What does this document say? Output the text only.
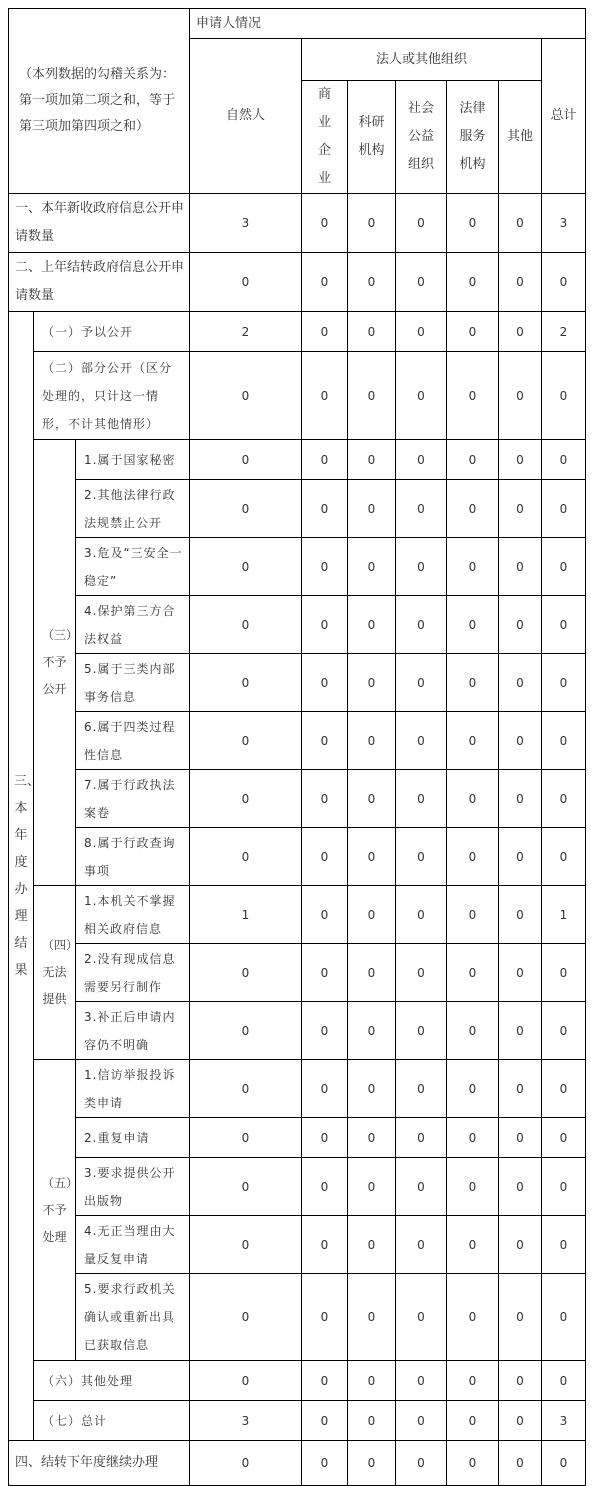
（本列数据的勾稽关系为：第一项加第二项之和，等于第三项加第四项之和）			申请人情况						
			自然人	法人或其他组织					总计
				商业企业	科研机构	社会公益组织	法律服务机构	其他	
一、本年新收政府信息公开申请数量			3	0	0	0	0	0	3
二、上年结转政府信息公开申请数量			0	0	0	0	0	0	0
三、本年度办理结果	（一）予以公开		2	0	0	0	0	0	2
	（二）部分公开（区分处理的，只计这一情形，不计其他情形）		0	0	0	0	0	0	0
	（三）不予公开	1.属于国家秘密	0	0	0	0	0	0	0
		2.其他法律行政法规禁止公开	0	0	0	0	0	0	0
		3.危及“三安全一稳定”	0	0	0	0	0	0	0
		4.保护第三方合法权益	0	0	0	0	0	0	0
		5.属于三类内部事务信息	0	0	0	0	0	0	0
		6.属于四类过程性信息	0	0	0	0	0	0	0
		7.属于行政执法案卷	0	0	0	0	0	0	0
		8.属于行政查询事项	0	0	0	0	0	0	0
	（四）无法提供	1.本机关不掌握相关政府信息	1	0	0	0	0	0	1
		2.没有现成信息需要另行制作	0	0	0	0	0	0	0
		3.补正后申请内容仍不明确	0	0	0	0	0	0	0
	（五）不予处理	1.信访举报投诉类申请	0	0	0	0	0	0	0
		2.重复申请	0	0	0	0	0	0	0
		3.要求提供公开出版物	0	0	0	0	0	0	0
		4.无正当理由大量反复申请	0	0	0	0	0	0	0
		5.要求行政机关确认或重新出具已获取信息	0	0	0	0	0	0	0
	（六）其他处理		0	0	0	0	0	0	0
	（七）总计		3	0	0	0	0	0	3
四、结转下年度继续办理			0	0	0	0	0	0	0
